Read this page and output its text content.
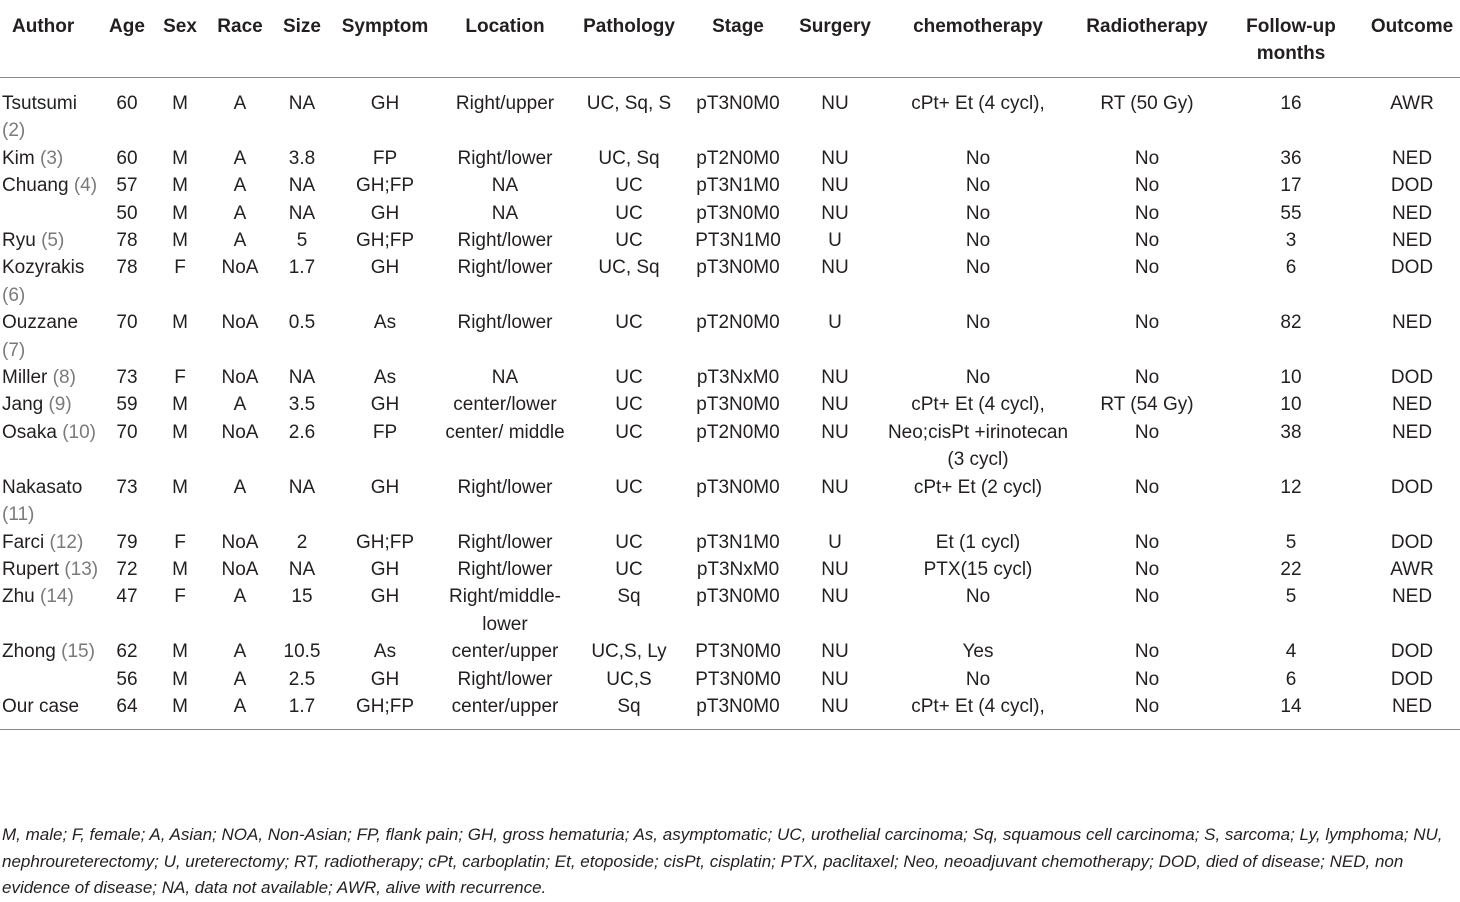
Author	Age	Sex	Race	Size	Symptom	Location	Pathology	Stage	Surgery	chemotherapy	Radiotherapy	Follow-up months	Outcome
Tsutsumi (2)	60	M	A	NA	GH	Right/upper	UC, Sq, S	pT3N0M0	NU	cPt+ Et (4 cycl),	RT (50 Gy)	16	AWR
Kim (3)	60	M	A	3.8	FP	Right/lower	UC, Sq	pT2N0M0	NU	No	No	36	NED
Chuang (4)	57	M	A	NA	GH;FP	NA	UC	pT3N1M0	NU	No	No	17	DOD
	50	M	A	NA	GH	NA	UC	pT3N0M0	NU	No	No	55	NED
Ryu (5)	78	M	A	5	GH;FP	Right/lower	UC	PT3N1M0	U	No	No	3	NED
Kozyrakis (6)	78	F	NoA	1.7	GH	Right/lower	UC, Sq	pT3N0M0	NU	No	No	6	DOD
Ouzzane (7)	70	M	NoA	0.5	As	Right/lower	UC	pT2N0M0	U	No	No	82	NED
Miller (8)	73	F	NoA	NA	As	NA	UC	pT3NxM0	NU	No	No	10	DOD
Jang (9)	59	M	A	3.5	GH	center/lower	UC	pT3N0M0	NU	cPt+ Et (4 cycl),	RT (54 Gy)	10	NED
Osaka (10)	70	M	NoA	2.6	FP	center/ middle	UC	pT2N0M0	NU	Neo;cisPt +irinotecan (3 cycl)	No	38	NED
Nakasato (11)	73	M	A	NA	GH	Right/lower	UC	pT3N0M0	NU	cPt+ Et (2 cycl)	No	12	DOD
Farci (12)	79	F	NoA	2	GH;FP	Right/lower	UC	pT3N1M0	U	Et (1 cycl)	No	5	DOD
Rupert (13)	72	M	NoA	NA	GH	Right/lower	UC	pT3NxM0	NU	PTX(15 cycl)	No	22	AWR
Zhu (14)	47	F	A	15	GH	Right/middle-lower	Sq	pT3N0M0	NU	No	No	5	NED
Zhong (15)	62	M	A	10.5	As	center/upper	UC,S, Ly	PT3N0M0	NU	Yes	No	4	DOD
	56	M	A	2.5	GH	Right/lower	UC,S	PT3N0M0	NU	No	No	6	DOD
Our case	64	M	A	1.7	GH;FP	center/upper	Sq	pT3N0M0	NU	cPt+ Et (4 cycl),	No	14	NED
M, male; F, female; A, Asian; NOA, Non-Asian; FP, flank pain; GH, gross hematuria; As, asymptomatic; UC, urothelial carcinoma; Sq, squamous cell carcinoma; S, sarcoma; Ly, lymphoma; NU, nephroureterectomy; U, ureterectomy; RT, radiotherapy; cPt, carboplatin; Et, etoposide; cisPt, cisplatin; PTX, paclitaxel; Neo, neoadjuvant chemotherapy; DOD, died of disease; NED, non evidence of disease; NA, data not available; AWR, alive with recurrence.
